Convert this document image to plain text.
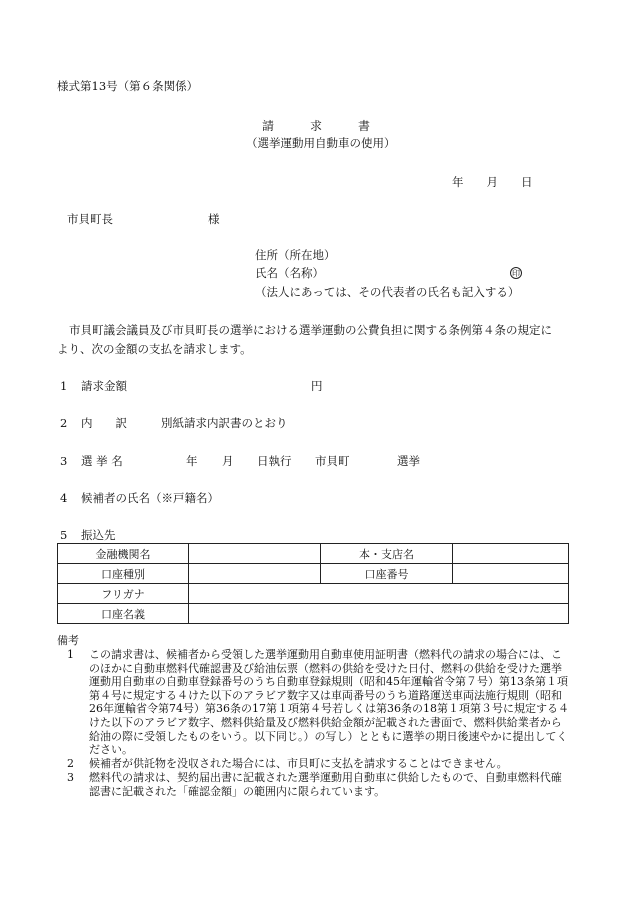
様式第13号（第６条関係）
請　　　求　　　書
（選挙運動用自動車の使用）
年　　月　　日
市貝町長	様
住所（所在地）
氏名（名称）	印
（法人にあっては、その代表者の氏名も記入する）
市貝町議会議員及び市貝町長の選挙における選挙運動の公費負担に関する条例第４条の規定に
より、次の金額の支払を請求します。
1 請求金額	円
2 内　　訳	別紙請求内訳書のとおり
3 選 挙 名	年 月 日執行 市貝町	選挙
4 候補者の氏名（※戸籍名）
5 振込先
金融機関名		本・支店名	
口座種別		口座番号	
フリガナ			
口座名義			
備考
1 この請求書は、候補者から受領した選挙運動用自動車使用証明書（燃料代の請求の場合には、このほかに自動車燃料代確認書及び給油伝票（燃料の供給を受けた日付、燃料の供給を受けた選挙運動用自動車の自動車登録番号のうち自動車登録規則（昭和45年運輸省令第７号）第13条第１項第４号に規定する４けた以下のアラビア数字又は車両番号のうち道路運送車両法施行規則（昭和26年運輸省令第74号）第36条の17第１項第４号若しくは第36条の18第１項第３号に規定する４けた以下のアラビア数字、燃料供給量及び燃料供給金額が記載された書面で、燃料供給業者から給油の際に受領したものをいう。以下同じ。）の写し）とともに選挙の期日後速やかに提出してください。
2 候補者が供託物を没収された場合には、市貝町に支払を請求することはできません。
3 燃料代の請求は、契約届出書に記載された選挙運動用自動車に供給したもので、自動車燃料代確認書に記載された「確認金額」の範囲内に限られています。
